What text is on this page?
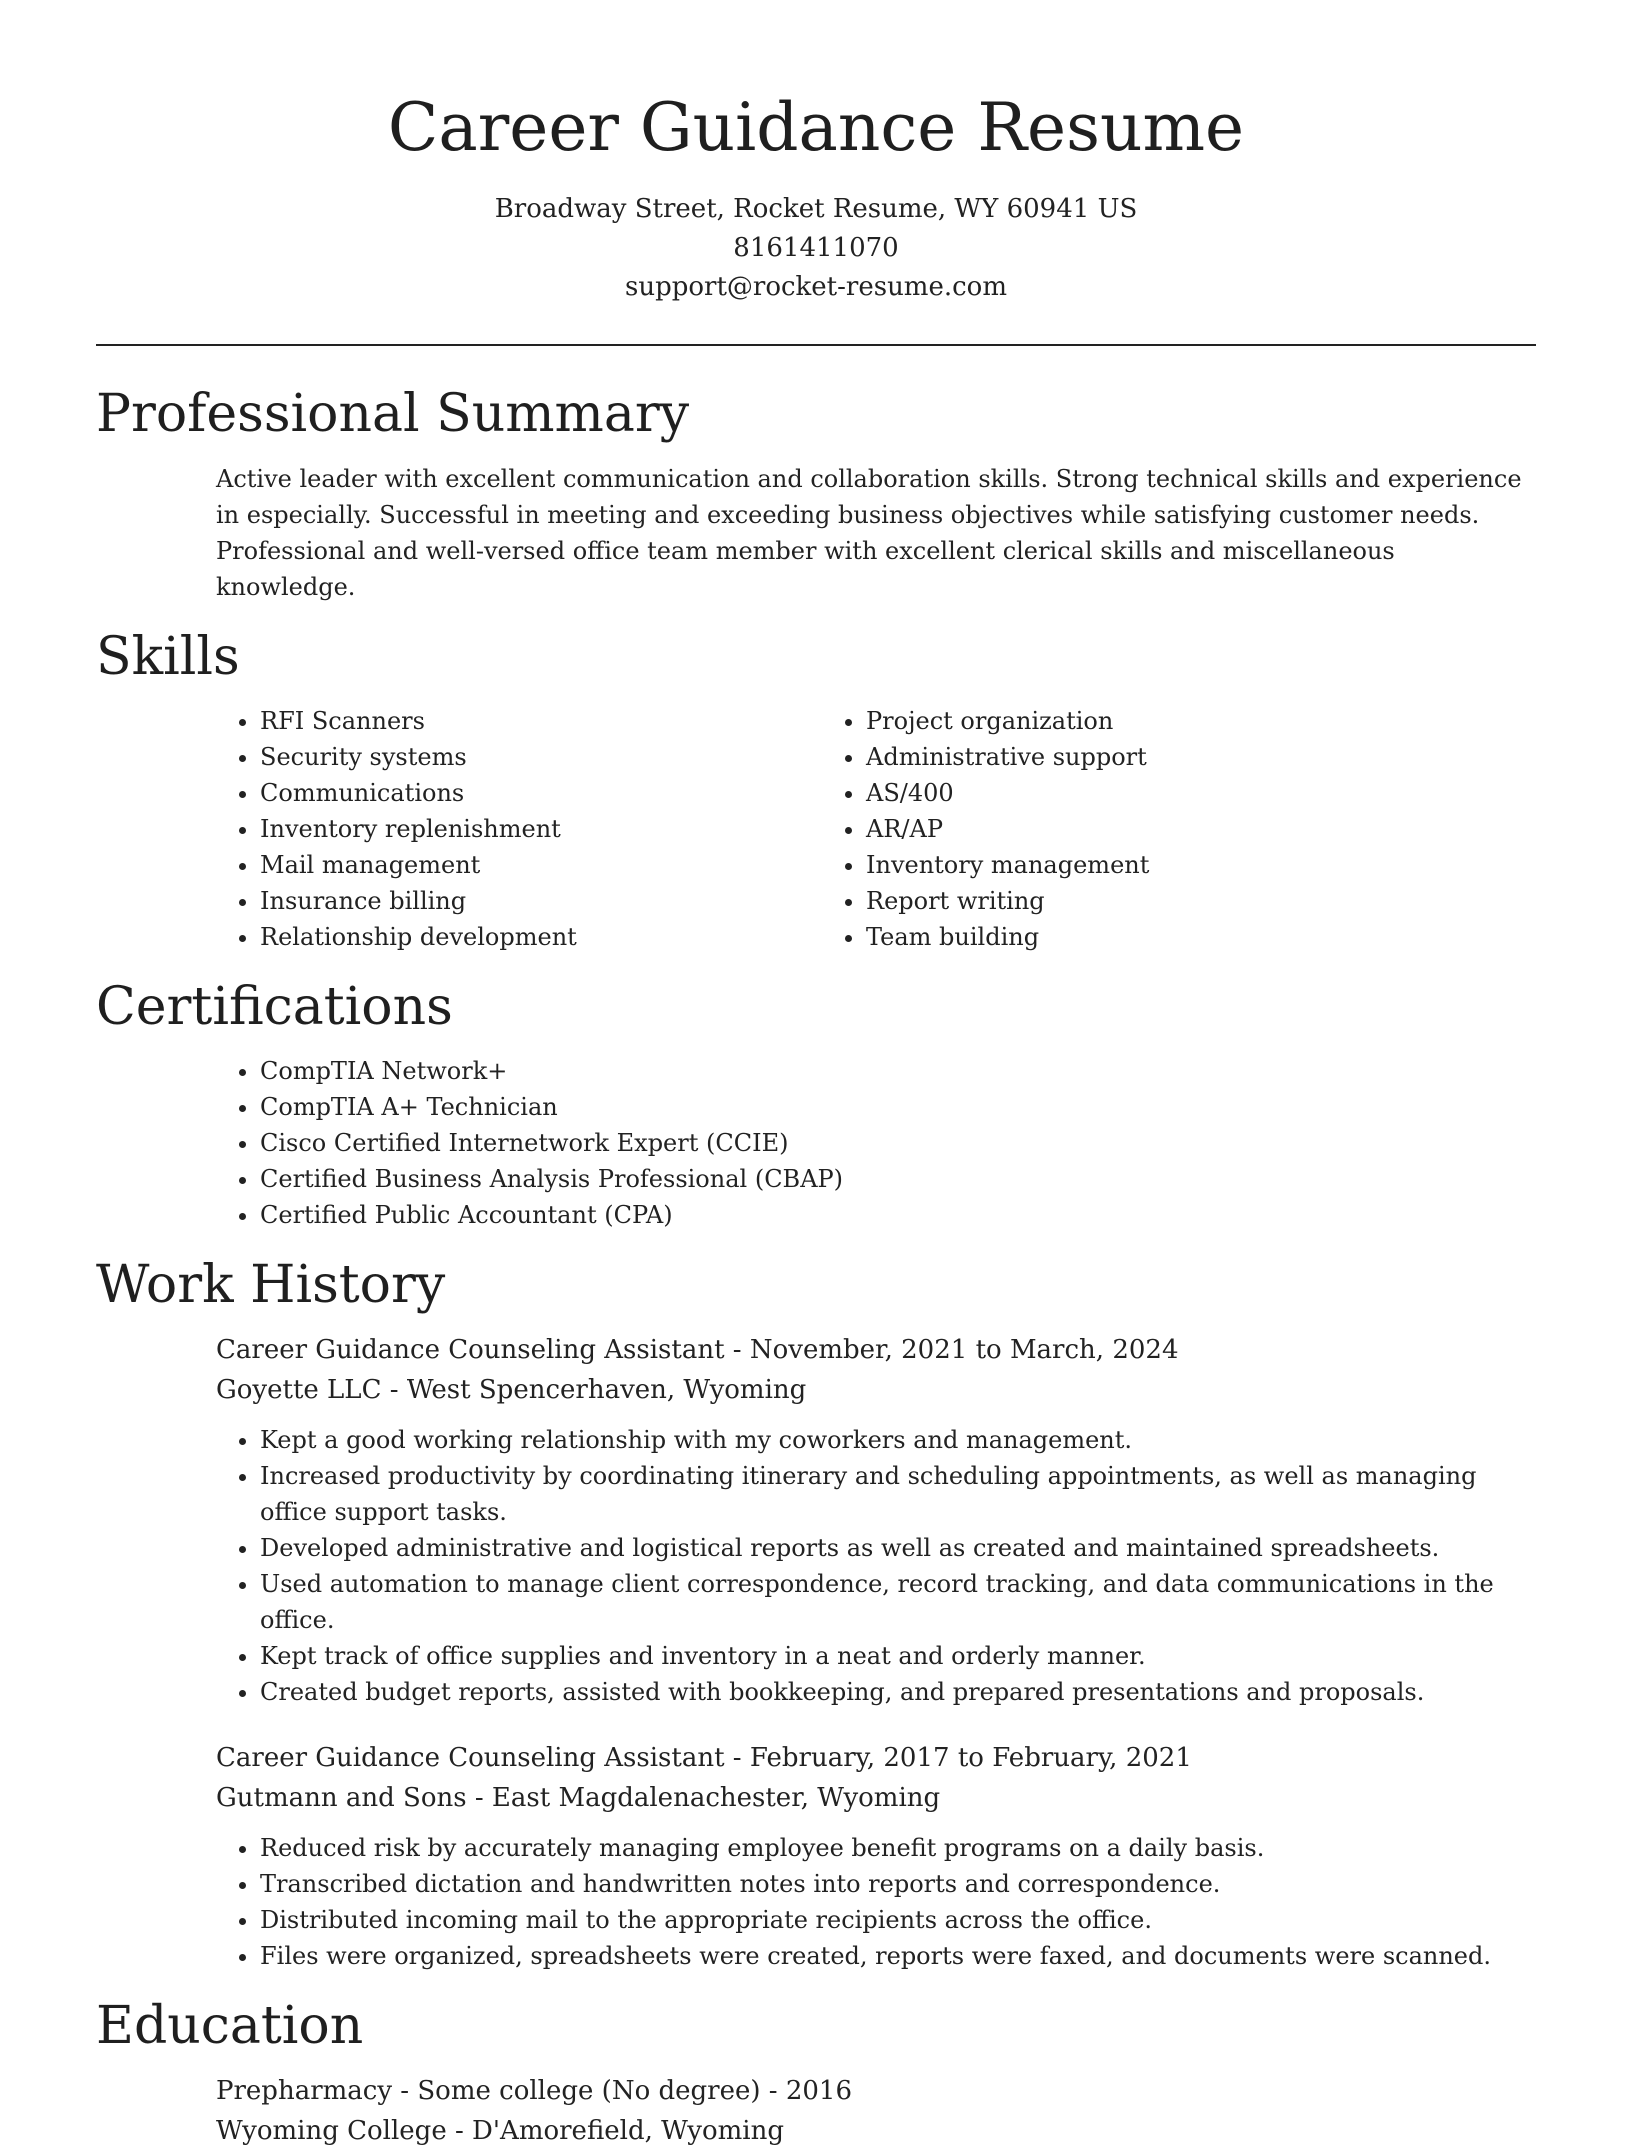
Career Guidance Resume
Broadway Street, Rocket Resume, WY 60941 US
8161411070
support@rocket-resume.com
Professional Summary

Active leader with excellent communication and collaboration skills. Strong technical skills and experience in especially. Successful in meeting and exceeding business objectives while satisfying customer needs. Professional and well-versed office team member with excellent clerical skills and miscellaneous knowledge.

Skills
• RFI Scanners
• Security systems
• Communications
• Inventory replenishment
• Mail management
• Insurance billing
• Relationship development
• Project organization
• Administrative support
• AS/400
• AR/AP
• Inventory management
• Report writing
• Team building
Certifications
• CompTIA Network+
• CompTIA A+ Technician
• Cisco Certified Internetwork Expert (CCIE)
• Certified Business Analysis Professional (CBAP)
• Certified Public Accountant (CPA)
Work History
Career Guidance Counseling Assistant - November, 2021 to March, 2024
Goyette LLC - West Spencerhaven, Wyoming
• Kept a good working relationship with my coworkers and management.
• Increased productivity by coordinating itinerary and scheduling appointments, as well as managing office support tasks.
• Developed administrative and logistical reports as well as created and maintained spreadsheets.
• Used automation to manage client correspondence, record tracking, and data communications in the office.
• Kept track of office supplies and inventory in a neat and orderly manner.
• Created budget reports, assisted with bookkeeping, and prepared presentations and proposals.
Career Guidance Counseling Assistant - February, 2017 to February, 2021
Gutmann and Sons - East Magdalenachester, Wyoming
• Reduced risk by accurately managing employee benefit programs on a daily basis.
• Transcribed dictation and handwritten notes into reports and correspondence.
• Distributed incoming mail to the appropriate recipients across the office.
• Files were organized, spreadsheets were created, reports were faxed, and documents were scanned.
Education
Prepharmacy - Some college (No degree) - 2016
Wyoming College - D'Amorefield, Wyoming
